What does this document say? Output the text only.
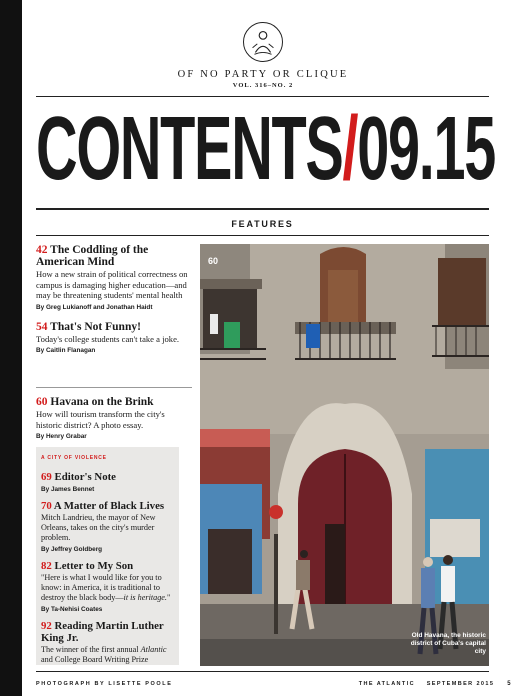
OF NO PARTY OR CLIQUE
VOL. 316–NO. 2
CONTENTS/09.15
FEATURES
42 The Coddling of the American Mind
How a new strain of political correctness on campus is damaging higher education—and may be threatening students' mental health
By Greg Lukianoff and Jonathan Haidt
54 That's Not Funny!
Today's college students can't take a joke.
By Caitlin Flanagan
60 Havana on the Brink
How will tourism transform the city's historic district? A photo essay.
By Henry Grabar
A CITY OF VIOLENCE
69 Editor's Note
By James Bennet
70 A Matter of Black Lives
Mitch Landrieu, the mayor of New Orleans, takes on the city's murder problem.
By Jeffrey Goldberg
82 Letter to My Son
"Here is what I would like for you to know: in America, it is traditional to destroy the black body—it is heritage."
By Ta-Nehisi Coates
92 Reading Martin Luther King Jr.
The winner of the first annual Atlantic and College Board Writing Prize
60
Old Havana, the historic district of Cuba's capital city
PHOTOGRAPH BY LISETTE POOLE	THE ATLANTIC SEPTEMBER 2015 5
